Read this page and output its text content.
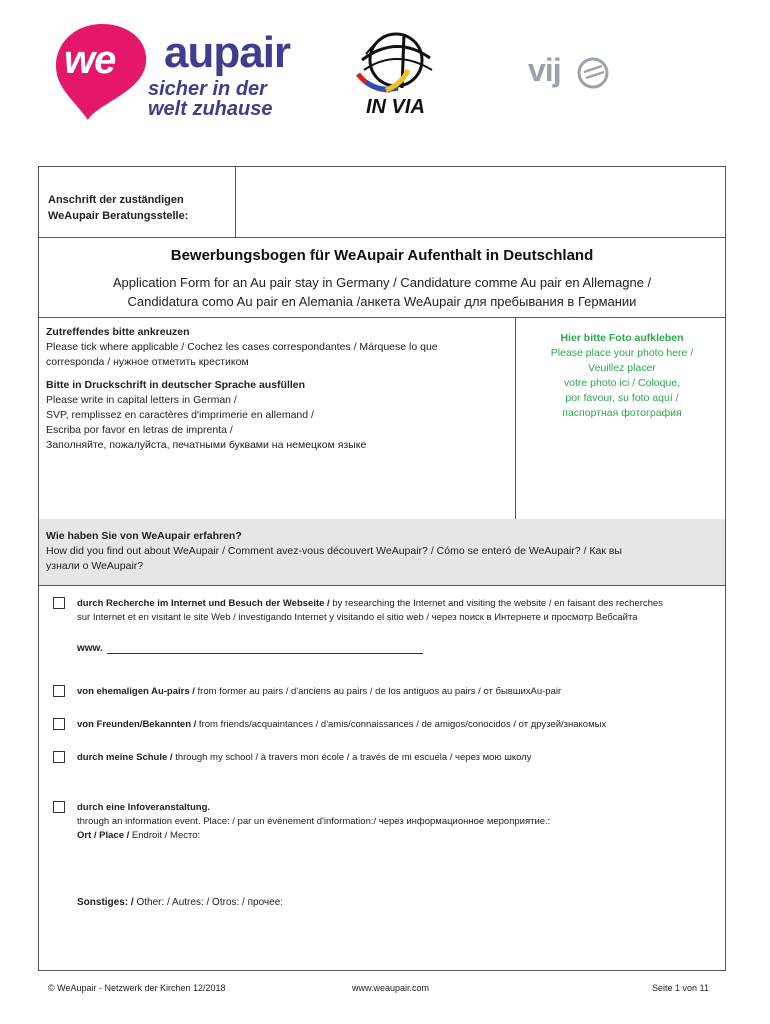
we aupair
sicher in der
welt zuhause	IN VIA
vij
Anschrift der zuständigen
WeAupair Beratungsstelle:
Bewerbungsbogen für WeAupair Aufenthalt in Deutschland
Application Form for an Au pair stay in Germany / Candidature comme Au pair en Allemagne /
Candidatura como Au pair en Alemania /анкета WeAupair для пребывания в Германии
Zutreffendes bitte ankreuzen
Please tick where applicable / Cochez les cases correspondantes / Márquese lo que
corresponda / нужное отметить крестиком
Bitte in Druckschrift in deutscher Sprache ausfüllen
Please write in capital letters in German /
SVP, remplissez en caractères d'imprimerie en allemand /
Escriba por favor en letras de imprenta /
Заполняйте, пожалуйста, печатными буквами на немецком языке
Hier bitte Foto aufkleben
Please place your photo here /
Veuillez placer
votre photo ici / Coloque,
por favour, su foto aquí /
паспортная фотография
Wie haben Sie von WeAupair erfahren?
How did you find out about WeAupair / Comment avez-vous découvert WeAupair? / Cómo se enteró de WeAupair? / Как вы
узнали о WeAupair?
durch Recherche im Internet und Besuch der Webseite / by researching the Internet and visiting the website / en faisant des recherches
sur Internet et en visitant le site Web / investigando Internet y visitando el sitio web / через поиск в Интернете и просмотр Вебсайта
www.
von ehemaligen Au-pairs / from former au pairs / d'anciens au pairs / de los antiguos au pairs / от бывшихAu-pair
von Freunden/Bekannten / from friends/acquaintances / d'amis/connaissances / de amigos/conocidos / от друзей/знакомых
durch meine Schule / through my school / à travers mon école / a través de mi escuela / через мою школу
durch eine Infoveranstaltung.
through an information event. Place: / par un événement d'information:/ через информационное мероприятие.:
Ort / Place / Endroit / Место:
Sonstiges: / Other: / Autres: / Otros: / прочее:
© WeAupair - Netzwerk der Kirchen 12/2018	www.weaupair.com	Seite 1 von 11
